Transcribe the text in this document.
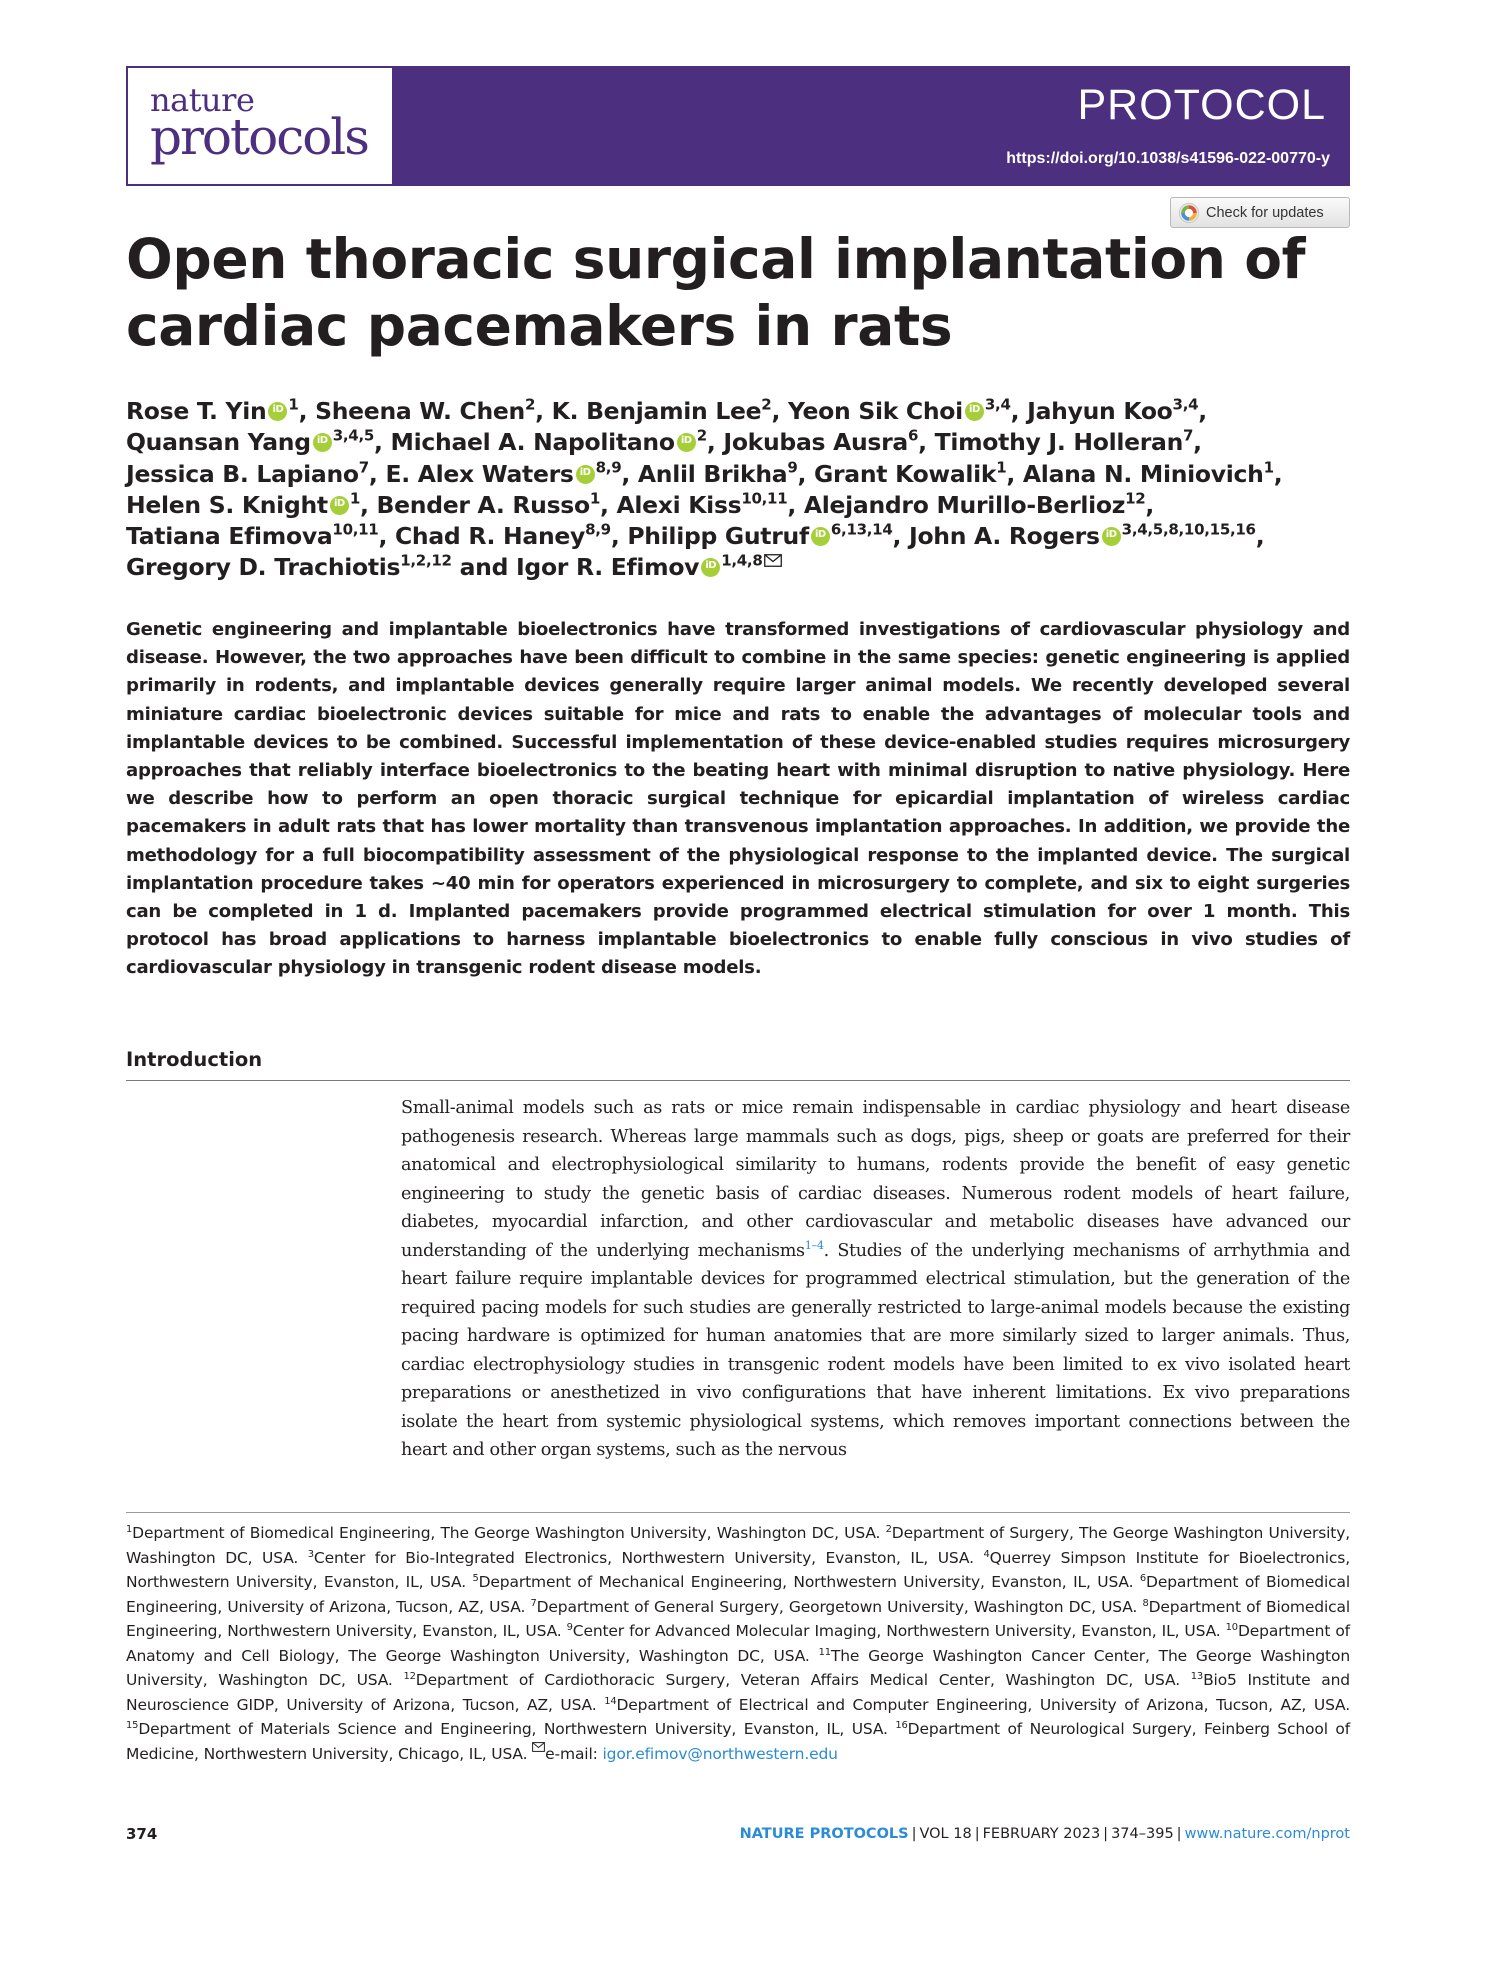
nature
protocols
PROTOCOL
https://doi.org/10.1038/s41596-022-00770-y
Check for updates
Open thoracic surgical implantation of cardiac pacemakers in rats
Rose T. Yin iD $^1$, Sheena W. Chen$^2$, K. Benjamin Lee$^2$, Yeon Sik Choi iD $^{3,4}$, Jahyun Koo$^{3,4}$,
Quansan Yang iD $^{3,4,5}$, Michael A. Napolitano iD $^2$, Jokubas Ausra$^6$, Timothy J. Holleran$^7$,
Jessica B. Lapiano$^7$, E. Alex Waters iD $^{8,9}$, Anlil Brikha$^9$, Grant Kowalik$^1$, Alana N. Miniovich$^1$,
Helen S. Knight iD $^1$, Bender A. Russo$^1$, Alexi Kiss$^{10,11}$, Alejandro Murillo-Berlioz$^{12}$,
Tatiana Efimova$^{10,11}$, Chad R. Haney$^{8,9}$, Philipp Gutruf iD $^{6,13,14}$, John A. Rogers iD $^{3,4,5,8,10,15,16}$,
Gregory D. Trachiotis$^{1,2,12}$ and Igor R. Efimov iD $^{1,4,8}$

Genetic engineering and implantable bioelectronics have transformed investigations of cardiovascular physiology and disease. However, the two approaches have been difficult to combine in the same species: genetic engineering is applied primarily in rodents, and implantable devices generally require larger animal models. We recently developed several miniature cardiac bioelectronic devices suitable for mice and rats to enable the advantages of molecular tools and implantable devices to be combined. Successful implementation of these device-enabled studies requires microsurgery approaches that reliably interface bioelectronics to the beating heart with minimal disruption to native physiology. Here we describe how to perform an open thoracic surgical technique for epicardial implantation of wireless cardiac pacemakers in adult rats that has lower mortality than transvenous implantation approaches. In addition, we provide the methodology for a full biocompatibility assessment of the physiological response to the implanted device. The surgical implantation procedure takes ~40 min for operators experienced in microsurgery to complete, and six to eight surgeries can be completed in 1 d. Implanted pacemakers provide programmed electrical stimulation for over 1 month. This protocol has broad applications to harness implantable bioelectronics to enable fully conscious in vivo studies of cardiovascular physiology in transgenic rodent disease models.

Introduction

Small-animal models such as rats or mice remain indispensable in cardiac physiology and heart disease pathogenesis research. Whereas large mammals such as dogs, pigs, sheep or goats are preferred for their anatomical and electrophysiological similarity to humans, rodents provide the benefit of easy genetic engineering to study the genetic basis of cardiac diseases. Numerous rodent models of heart failure, diabetes, myocardial infarction, and other cardiovascular and metabolic diseases have advanced our understanding of the underlying mechanisms$^{1-4}$. Studies of the underlying mechanisms of arrhythmia and heart failure require implantable devices for programmed electrical stimulation, but the generation of the required pacing models for such studies are generally restricted to large-animal models because the existing pacing hardware is optimized for human anatomies that are more similarly sized to larger animals. Thus, cardiac electrophysiology studies in transgenic rodent models have been limited to ex vivo isolated heart preparations or anesthetized in vivo configurations that have inherent limitations. Ex vivo preparations isolate the heart from systemic physiological systems, which removes important connections between the heart and other organ systems, such as the nervous

$^1$Department of Biomedical Engineering, The George Washington University, Washington DC, USA. $^2$Department of Surgery, The George Washington University, Washington DC, USA. $^3$Center for Bio-Integrated Electronics, Northwestern University, Evanston, IL, USA. $^4$Querrey Simpson Institute for Bioelectronics, Northwestern University, Evanston, IL, USA. $^5$Department of Mechanical Engineering, Northwestern University, Evanston, IL, USA. $^6$Department of Biomedical Engineering, University of Arizona, Tucson, AZ, USA. $^7$Department of General Surgery, Georgetown University, Washington DC, USA. $^8$Department of Biomedical Engineering, Northwestern University, Evanston, IL, USA. $^9$Center for Advanced Molecular Imaging, Northwestern University, Evanston, IL, USA. $^{10}$Department of Anatomy and Cell Biology, The George Washington University, Washington DC, USA. $^{11}$The George Washington Cancer Center, The George Washington University, Washington DC, USA. $^{12}$Department of Cardiothoracic Surgery, Veteran Affairs Medical Center, Washington DC, USA. $^{13}$Bio5 Institute and Neuroscience GIDP, University of Arizona, Tucson, AZ, USA. $^{14}$Department of Electrical and Computer Engineering, University of Arizona, Tucson, AZ, USA. $^{15}$Department of Materials Science and Engineering, Northwestern University, Evanston, IL, USA. $^{16}$Department of Neurological Surgery, Feinberg School of Medicine, Northwestern University, Chicago, IL, USA. e-mail: igor.efimov@northwestern.edu

374	NATURE PROTOCOLS | VOL 18 | FEBRUARY 2023 | 374–395 | www.nature.com/nprot
